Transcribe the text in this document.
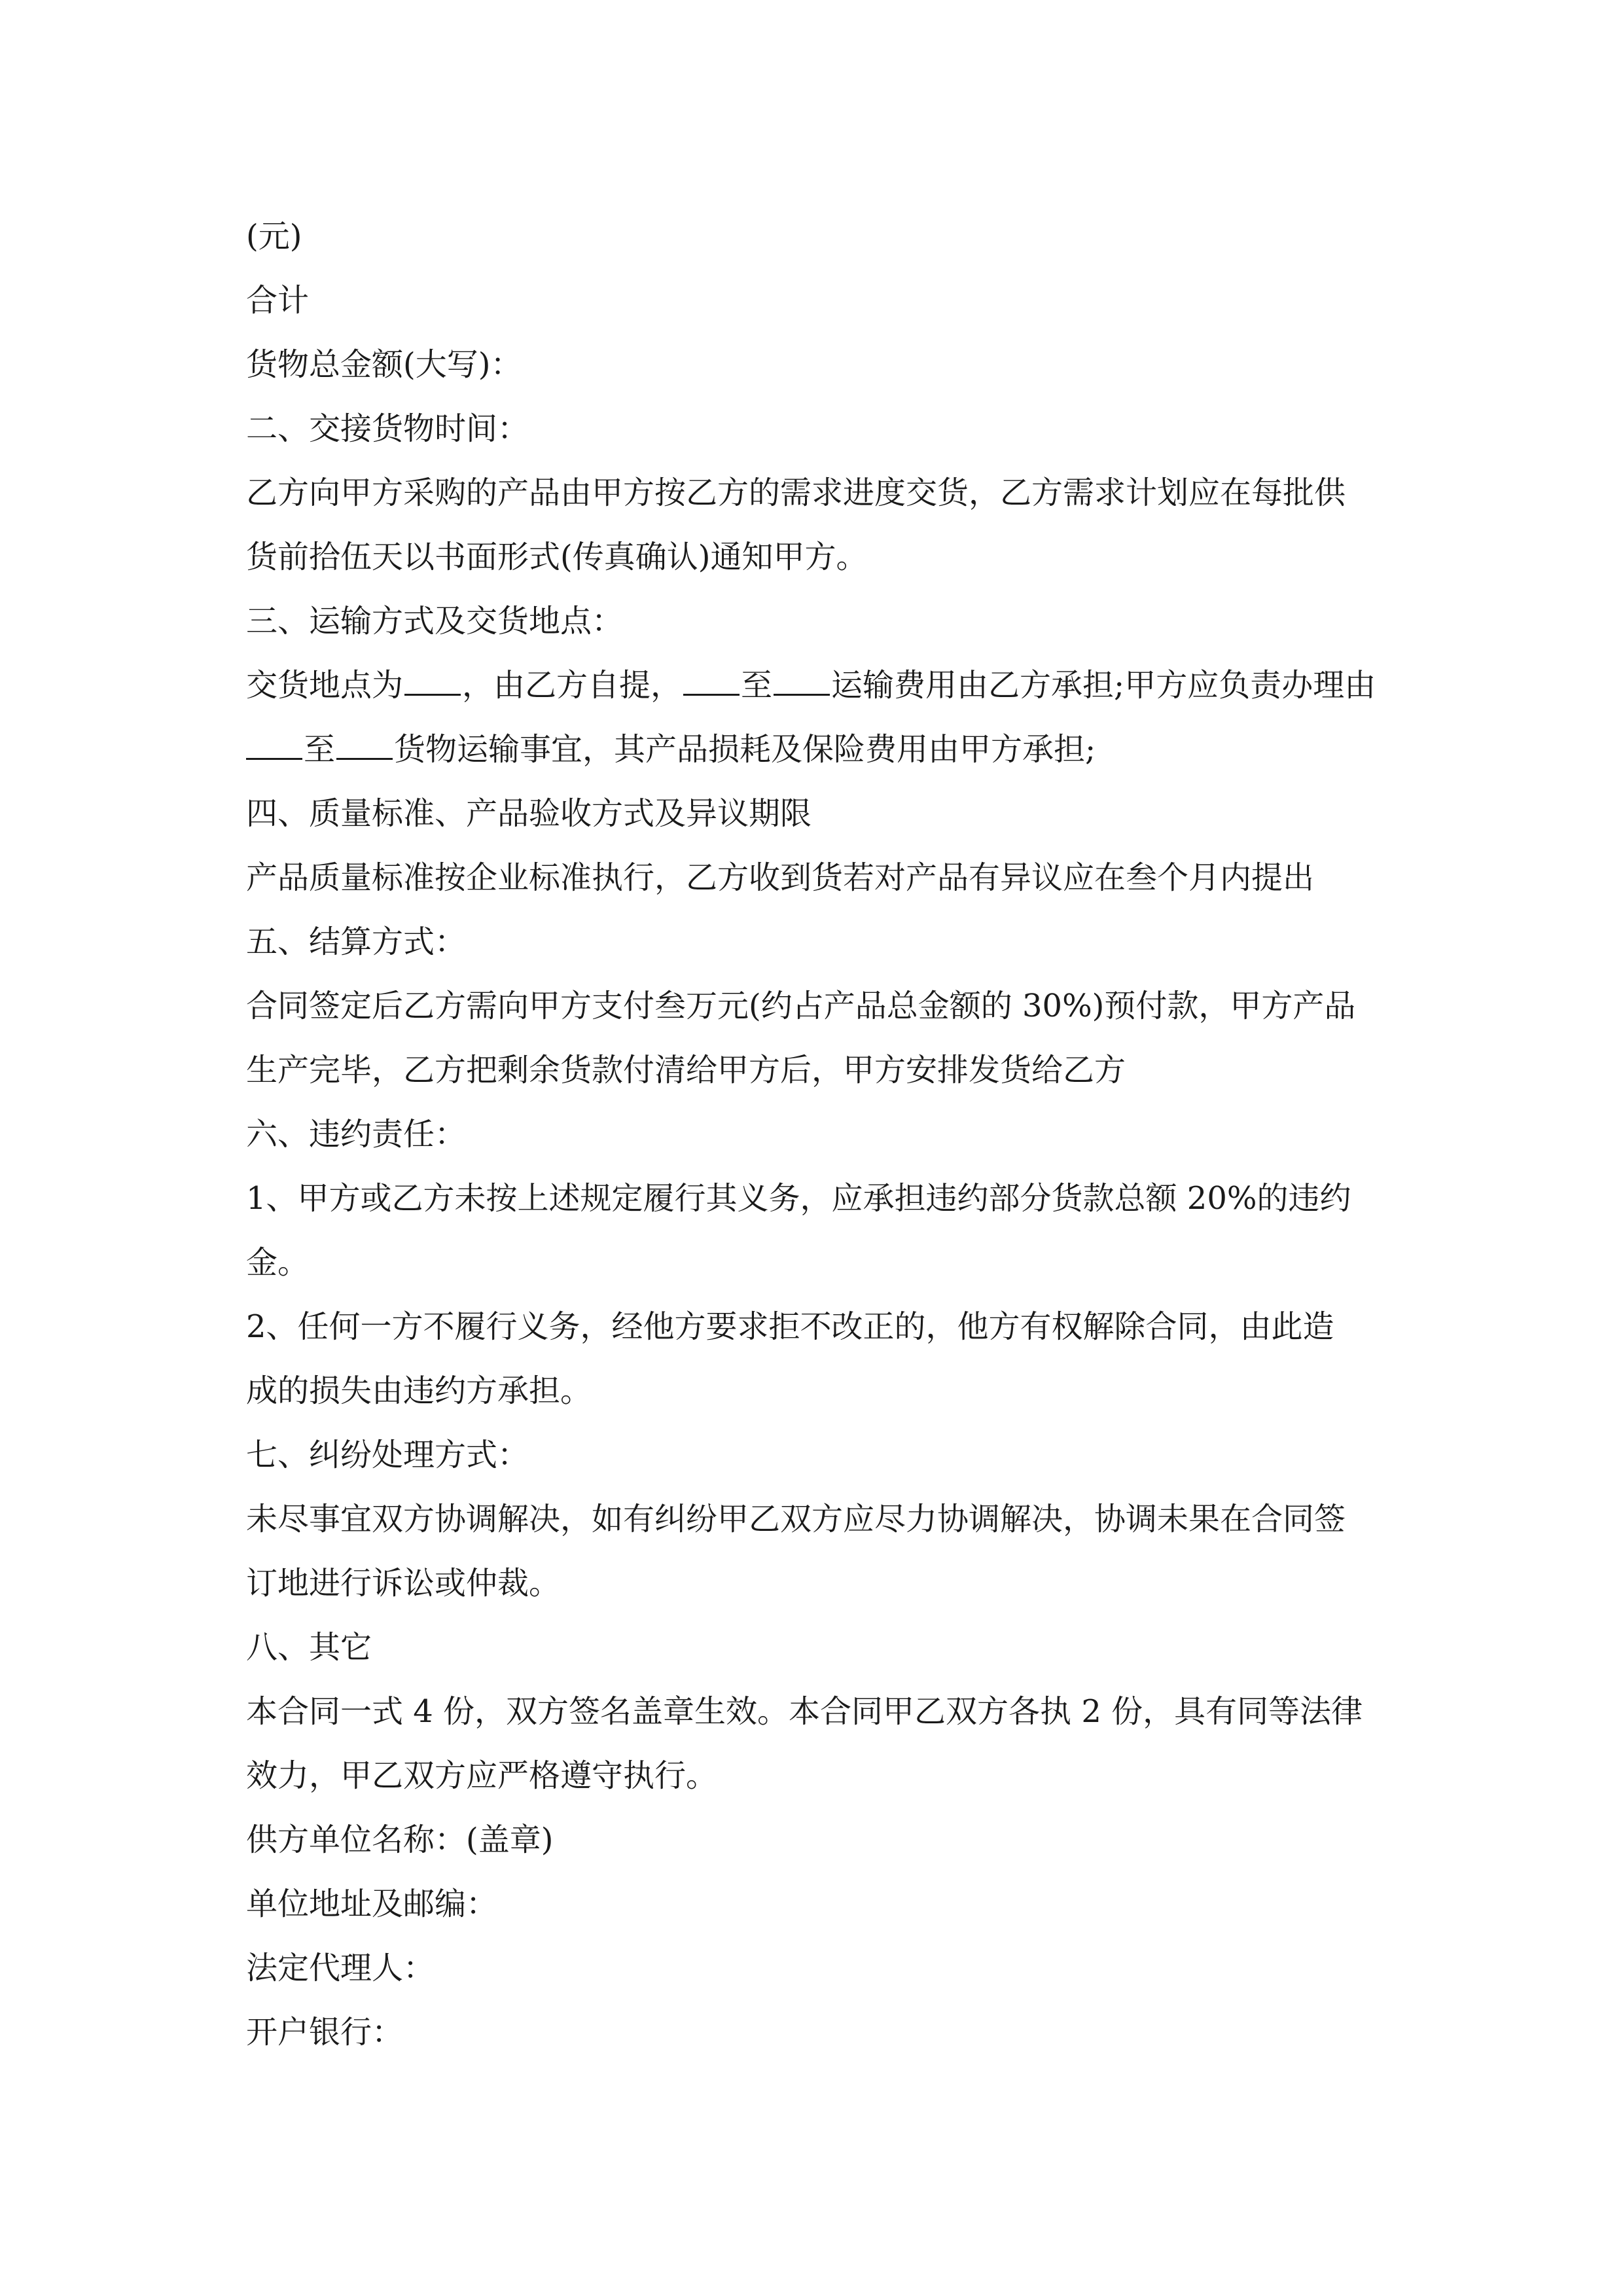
(元)
合计
货物总金额(大写)：
二、交接货物时间：
乙方向甲方采购的产品由甲方按乙方的需求进度交货，乙方需求计划应在每批供
货前拾伍天以书面形式(传真确认)通知甲方。
三、运输方式及交货地点：
交货地点为 ，由乙方自提， 至 运输费用由乙方承担;甲方应负责办理由
至 货物运输事宜，其产品损耗及保险费用由甲方承担;
四、质量标准、产品验收方式及异议期限
产品质量标准按企业标准执行，乙方收到货若对产品有异议应在叁个月内提出
五、结算方式：
合同签定后乙方需向甲方支付叁万元(约占产品总金额的 30%)预付款，甲方产品
生产完毕，乙方把剩余货款付清给甲方后，甲方安排发货给乙方
六、违约责任：
1、甲方或乙方未按上述规定履行其义务，应承担违约部分货款总额 20%的违约
金。
2、任何一方不履行义务，经他方要求拒不改正的，他方有权解除合同，由此造
成的损失由违约方承担。
七、纠纷处理方式：
未尽事宜双方协调解决，如有纠纷甲乙双方应尽力协调解决，协调未果在合同签
订地进行诉讼或仲裁。
八、其它
本合同一式 4 份，双方签名盖章生效。本合同甲乙双方各执 2 份，具有同等法律
效力，甲乙双方应严格遵守执行。
供方单位名称：(盖章)
单位地址及邮编：
法定代理人：
开户银行：
